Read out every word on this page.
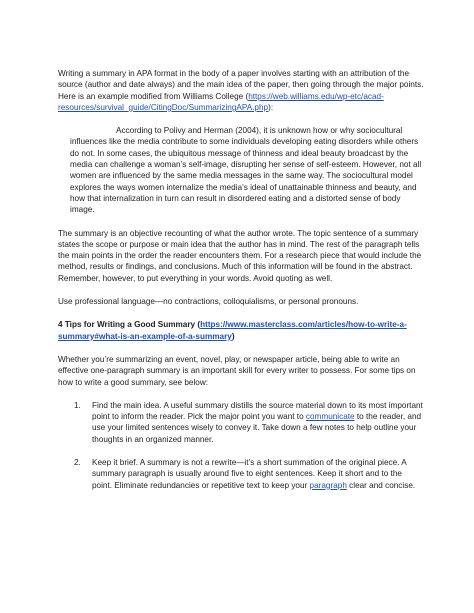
Writing a summary in APA format in the body of a paper involves starting with an attribution of the source (author and date always) and the main idea of the paper, then going through the major points. Here is an example modified from Williams College (https://web.williams.edu/wp-etc/acad-resources/survival_guide/CitingDoc/SummarizingAPA.php):

According to Polivy and Herman (2004), it is unknown how or why sociocultural influences like the media contribute to some individuals developing eating disorders while others do not. In some cases, the ubiquitous message of thinness and ideal beauty broadcast by the media can challenge a woman’s self-image, disrupting her sense of self-esteem. However, not all women are influenced by the same media messages in the same way. The sociocultural model explores the ways women internalize the media’s ideal of unattainable thinness and beauty, and how that internalization in turn can result in disordered eating and a distorted sense of body image.

The summary is an objective recounting of what the author wrote. The topic sentence of a summary states the scope or purpose or main idea that the author has in mind. The rest of the paragraph tells the main points in the order the reader encounters them. For a research piece that would include the method, results or findings, and conclusions. Much of this information will be found in the abstract. Remember, however, to put everything in your words. Avoid quoting as well.

Use professional language—no contractions, colloquialisms, or personal pronouns.

4 Tips for Writing a Good Summary (https://www.masterclass.com/articles/how-to-write-a-summary#what-is-an-example-of-a-summary)

Whether you’re summarizing an event, novel, play, or newspaper article, being able to write an effective one-paragraph summary is an important skill for every writer to possess. For some tips on how to write a good summary, see below:

1. Find the main idea. A useful summary distills the source material down to its most important point to inform the reader. Pick the major point you want to communicate to the reader, and use your limited sentences wisely to convey it. Take down a few notes to help outline your thoughts in an organized manner.
2. Keep it brief. A summary is not a rewrite—it’s a short summation of the original piece. A summary paragraph is usually around five to eight sentences. Keep it short and to the point. Eliminate redundancies or repetitive text to keep your paragraph clear and concise.
